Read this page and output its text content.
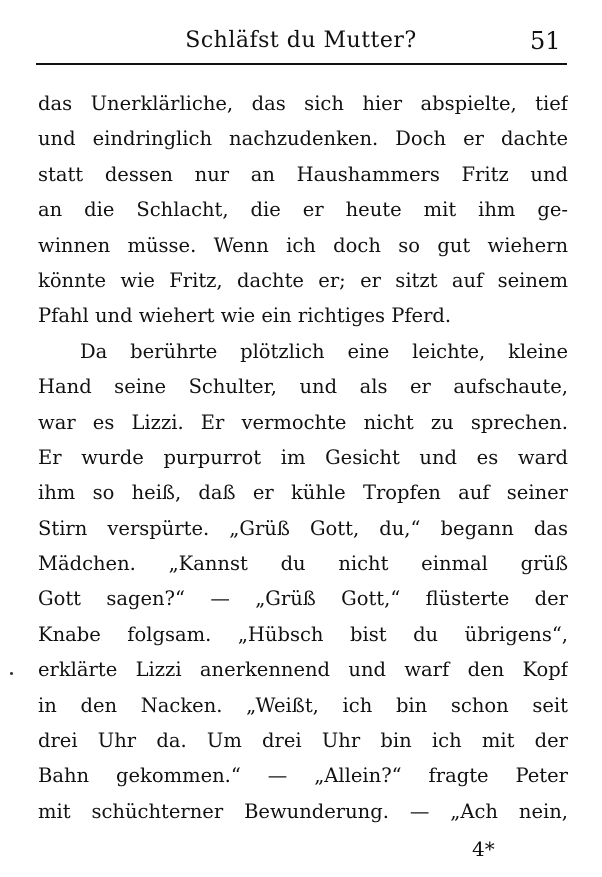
Schläfst du Mutter?	51
das Unerklärliche, das sich hier abspielte, tief
und eindringlich nachzudenken. Doch er dachte
statt dessen nur an Haushammers Fritz und
an die Schlacht, die er heute mit ihm ge-
winnen müsse. Wenn ich doch so gut wiehern
könnte wie Fritz, dachte er; er sitzt auf seinem
Pfahl und wiehert wie ein richtiges Pferd.
Da berührte plötzlich eine leichte, kleine
Hand seine Schulter, und als er aufschaute,
war es Lizzi. Er vermochte nicht zu sprechen.
Er wurde purpurrot im Gesicht und es ward
ihm so heiß, daß er kühle Tropfen auf seiner
Stirn verspürte. „Grüß Gott, du,“ begann das
Mädchen. „Kannst du nicht einmal grüß
Gott sagen?“ — „Grüß Gott,“ flüsterte der
Knabe folgsam. „Hübsch bist du übrigens“,
erklärte Lizzi anerkennend und warf den Kopf
in den Nacken. „Weißt, ich bin schon seit
drei Uhr da. Um drei Uhr bin ich mit der
Bahn gekommen.“ — „Allein?“ fragte Peter
mit schüchterner Bewunderung. — „Ach nein,
4*
